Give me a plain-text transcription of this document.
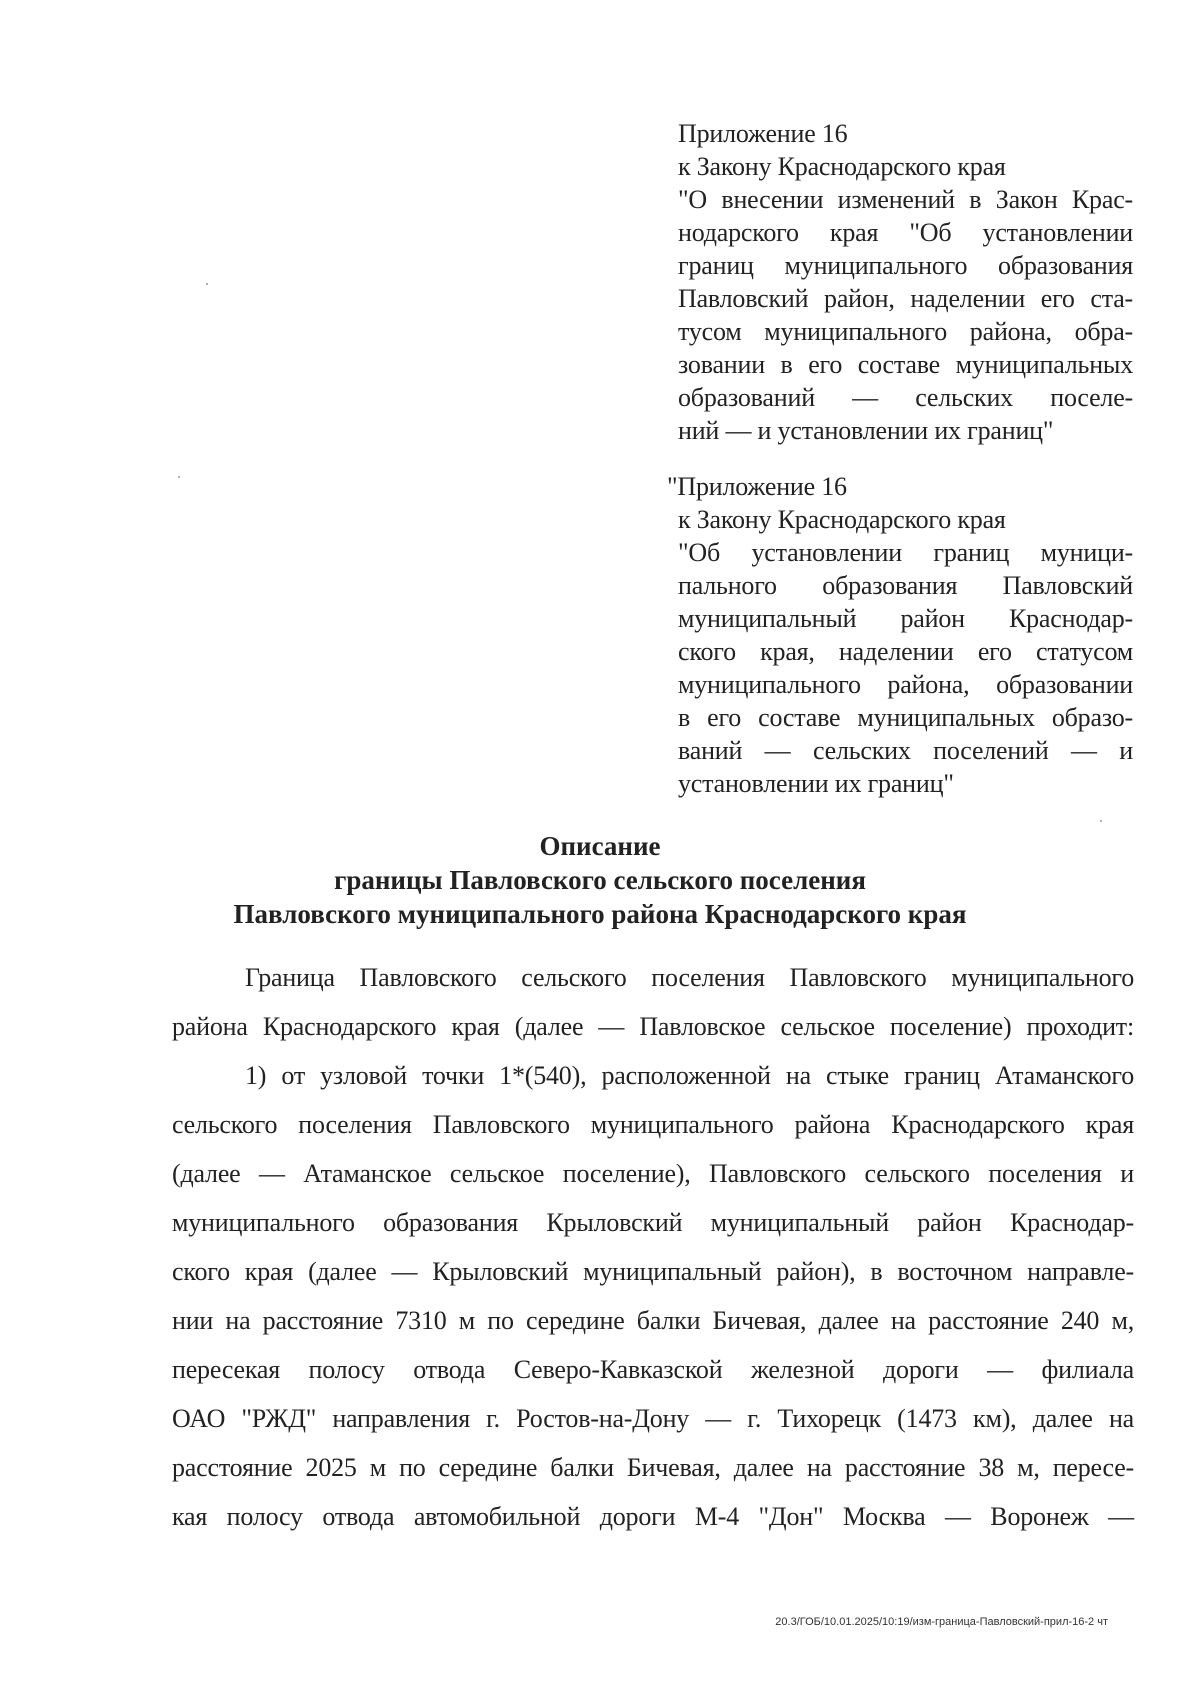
Приложение 16
к Закону Краснодарского края
"О внесении изменений в Закон Крас-
нодарского края "Об установлении
границ муниципального образования
Павловский район, наделении его ста-
тусом муниципального района, обра-
зовании в его составе муниципальных
образований — сельских поселе-
ний — и установлении их границ"
"Приложение 16
к Закону Краснодарского края
"Об установлении границ муници-
пального образования Павловский
муниципальный район Краснодар-
ского края, наделении его статусом
муниципального района, образовании
в его составе муниципальных образо-
ваний — сельских поселений — и
установлении их границ"
Описание
границы Павловского сельского поселения
Павловского муниципального района Краснодарского края
Граница Павловского сельского поселения Павловского муниципального
района Краснодарского края (далее — Павловское сельское поселение) проходит:
1) от узловой точки 1*(540), расположенной на стыке границ Атаманского
сельского поселения Павловского муниципального района Краснодарского края
(далее — Атаманское сельское поселение), Павловского сельского поселения и
муниципального образования Крыловский муниципальный район Краснодар-
ского края (далее — Крыловский муниципальный район), в восточном направле-
нии на расстояние 7310 м по середине балки Бичевая, далее на расстояние 240 м,
пересекая полосу отвода Северо-Кавказской железной дороги — филиала
ОАО "РЖД" направления г. Ростов-на-Дону — г. Тихорецк (1473 км), далее на
расстояние 2025 м по середине балки Бичевая, далее на расстояние 38 м, пересе-
кая полосу отвода автомобильной дороги М-4 "Дон" Москва — Воронеж —
20.3/ГОБ/10.01.2025/10:19/изм-граница-Павловский-прил-16-2 чт
